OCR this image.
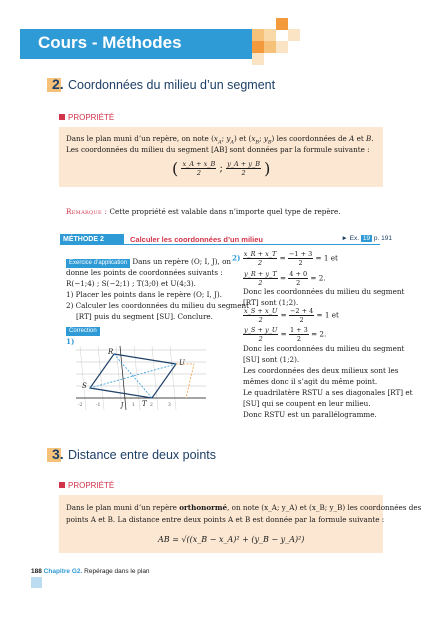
Cours - Méthodes
2. Coordonnées du milieu d’un segment
PROPRIÉTÉ
Dans le plan muni d’un repère, on note ($x_A$; $y_A$) et ($x_B$; $y_B$) les coordonnées de A et B.
Les coordonnées du milieu du segment [AB] sont données par la formule suivante :
( $\frac{x\_A + x\_B}{2}$ ; $\frac{y\_A + y\_B}{2}$ )
Remarque : Cette propriété est valable dans n’importe quel type de repère.
MÉTHODE 2	Calculer les coordonnées d’un milieu	► Ex. 19 p. 191
Exercice d’application Dans un repère (O; I, J), on
donne les points de coordonnées suivants :
R(−1;4) ; S(−2;1) ; T(3;0) et U(4;3).
1) Placer les points dans le repère (O; I, J).
2) Calculer les coordonnées du milieu du segment
[RT] puis du segment [SU]. Conclure.
Correction
1)
R
U
S
T
J
-2	-1	1	2	3
$2) \frac{x\_R + x\_T}{2} = \frac{-1 + 3}{2} = 1$ et
$\frac{y\_R + y\_T}{2} = \frac{4 + 0}{2} = 2$.
Donc les coordonnées du milieu du segment
[RT] sont (1;2).
$\frac{x\_S + x\_U}{2} = \frac{-2 + 4}{2} = 1$ et
$\frac{y\_S + y\_U}{2} = \frac{1 + 3}{2} = 2$.
Donc les coordonnées du milieu du segment
[SU] sont (1;2).
Les coordonnées des deux milieux sont les
mêmes donc il s’agit du même point.
Le quadrilatère RSTU a ses diagonales [RT] et
[SU] qui se coupent en leur milieu.
Donc RSTU est un parallélogramme.
3. Distance entre deux points
PROPRIÉTÉ
Dans le plan muni d’un repère orthonormé, on note (x_A; y_A) et (x_B; y_B) les coordonnées des
points A et B. La distance entre deux points A et B est donnée par la formule suivante :
AB = √((x_B − x_A)² + (y_B − y_A)²)
188 Chapitre G2. Repérage dans le plan
